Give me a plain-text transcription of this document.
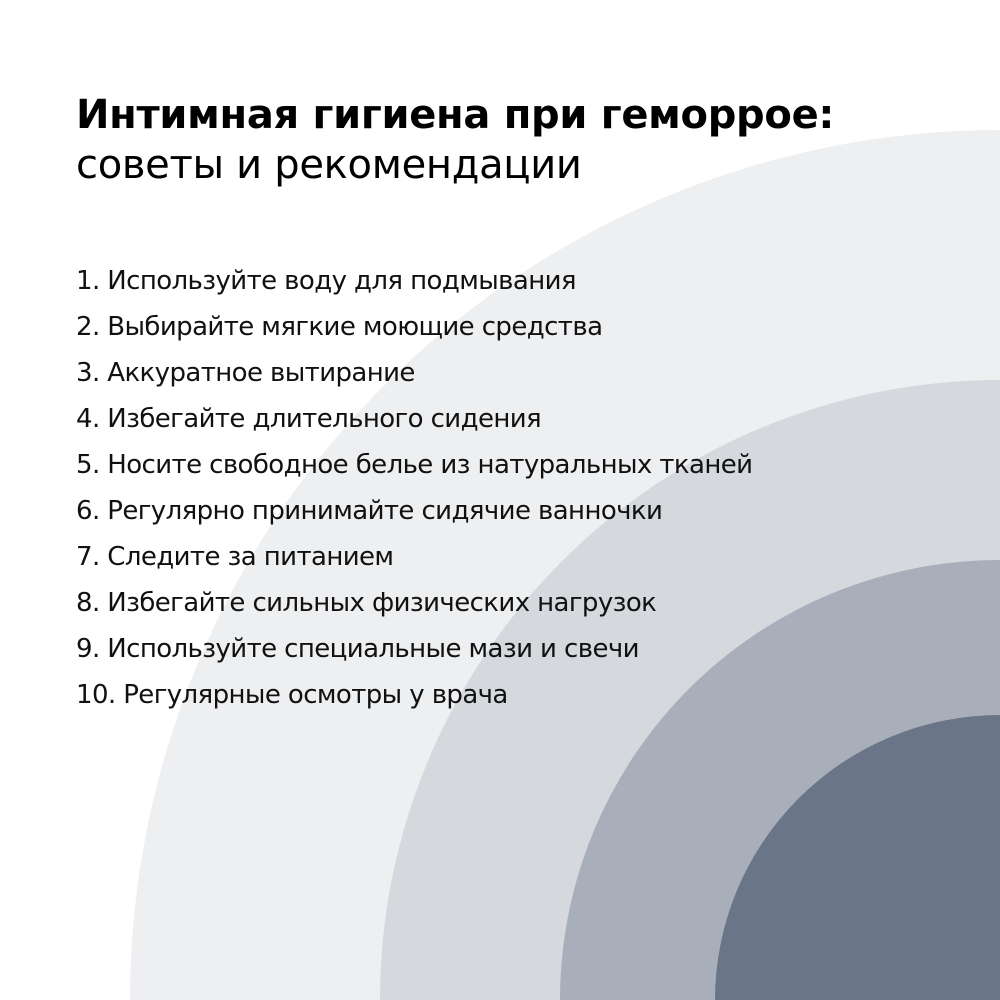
Интимная гигиена при геморрое:
советы и рекомендации
1. Используйте воду для подмывания
2. Выбирайте мягкие моющие средства
3. Аккуратное вытирание
4. Избегайте длительного сидения
5. Носите свободное белье из натуральных тканей
6. Регулярно принимайте сидячие ванночки
7. Следите за питанием
8. Избегайте сильных физических нагрузок
9. Используйте специальные мази и свечи
10. Регулярные осмотры у врача
